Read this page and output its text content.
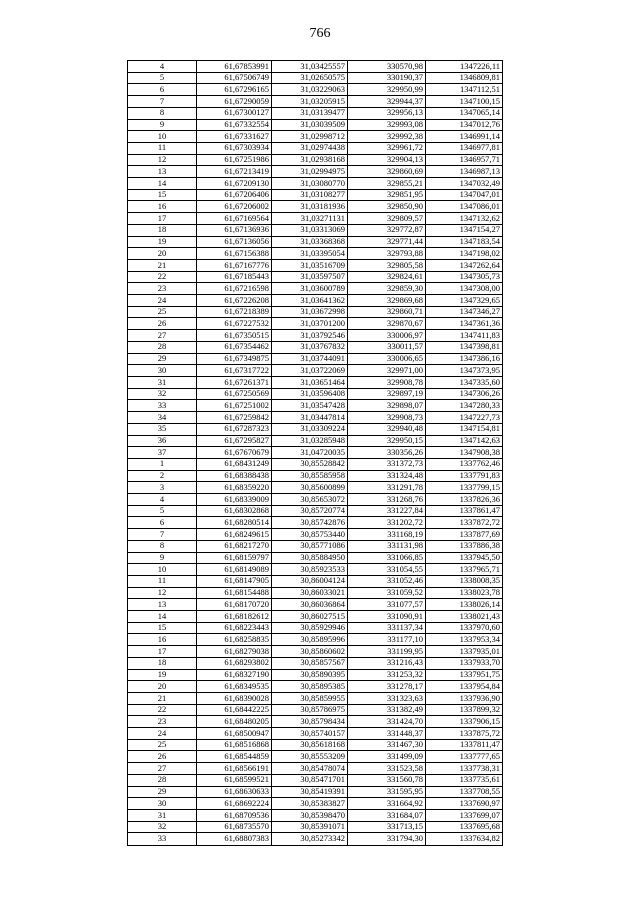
766
4	61,67853991	31,03425557	330570,98	1347226,11
5	61,67506749	31,02650575	330190,37	1346809,81
6	61,67296165	31,03229063	329950,99	1347112,51
7	61,67290059	31,03205915	329944,37	1347100,15
8	61,67300127	31,03139477	329956,13	1347065,14
9	61,67332554	31,03039509	329993,08	1347012,76
10	61,67331627	31,02998712	329992,38	1346991,14
11	61,67303934	31,02974438	329961,72	1346977,81
12	61,67251986	31,02938168	329904,13	1346957,71
13	61,67213419	31,02994975	329860,69	1346987,13
14	61,67209130	31,03080770	329855,21	1347032,49
15	61,67206406	31,03108277	329851,95	1347047,01
16	61,67206002	31,03181936	329850,90	1347086,01
17	61,67169564	31,03271131	329809,57	1347132,62
18	61,67136936	31,03313069	329772,87	1347154,27
19	61,67136056	31,03368368	329771,44	1347183,54
20	61,67156388	31,03395054	329793,88	1347198,02
21	61,67167776	31,03516709	329805,58	1347262,64
22	61,67185443	31,03597507	329824,61	1347305,73
23	61,67216598	31,03600789	329859,30	1347308,00
24	61,67226208	31,03641362	329869,68	1347329,65
25	61,67218389	31,03672998	329860,71	1347346,27
26	61,67227532	31,03701200	329870,67	1347361,36
27	61,67350515	31,03792546	330006,97	1347411,83
28	61,67354462	31,03767832	330011,57	1347398,81
29	61,67349875	31,03744091	330006,65	1347386,16
30	61,67317722	31,03722069	329971,00	1347373,95
31	61,67261371	31,03651464	329908,78	1347335,60
32	61,67250569	31,03596408	329897,19	1347306,26
33	61,67251002	31,03547428	329898,07	1347280,33
34	61,67259842	31,03447814	329908,73	1347227,73
35	61,67287323	31,03309224	329940,48	1347154,81
36	61,67295827	31,03285948	329950,15	1347142,63
37	61,67670679	31,04720035	330356,26	1347908,38
1	61,68431249	30,85528842	331372,73	1337762,46
2	61,68388438	30,85585958	331324,48	1337791,83
3	61,68359220	30,85600899	331291,78	1337799,15
4	61,68339009	30,85653072	331268,76	1337826,36
5	61,68302868	30,85720774	331227,84	1337861,47
6	61,68280514	30,85742876	331202,72	1337872,72
7	61,68249615	30,85753440	331168,19	1337877,69
8	61,68217270	30,85771086	331131,98	1337886,38
9	61,68159797	30,85884950	331066,85	1337945,50
10	61,68149089	30,85923533	331054,55	1337965,71
11	61,68147905	30,86004124	331052,46	1338008,35
12	61,68154488	30,86033021	331059,52	1338023,78
13	61,68170720	30,86036864	331077,57	1338026,14
14	61,68182612	30,86027515	331090,91	1338021,43
15	61,68223443	30,85929946	331137,34	1337970,60
16	61,68258835	30,85895996	331177,10	1337953,34
17	61,68279038	30,85860602	331199,95	1337935,01
18	61,68293802	30,85857567	331216,43	1337933,70
19	61,68327190	30,85890395	331253,32	1337951,75
20	61,68349535	30,85895385	331278,17	1337954,84
21	61,68390028	30,85859955	331323,63	1337936,90
22	61,68442225	30,85786975	331382,49	1337899,32
23	61,68480205	30,85798434	331424,70	1337906,15
24	61,68500947	30,85740157	331448,37	1337875,72
25	61,68516868	30,85618168	331467,30	1337811,47
26	61,68544859	30,85553209	331499,09	1337777,65
27	61,68566191	30,85478074	331523,58	1337738,31
28	61,68599521	30,85471701	331560,78	1337735,61
29	61,68630633	30,85419391	331595,95	1337708,55
30	61,68692224	30,85383827	331664,92	1337690,97
31	61,68709536	30,85398470	331684,07	1337699,07
32	61,68735570	30,85391071	331713,15	1337695,68
33	61,68807383	30,85273342	331794,30	1337634,82
